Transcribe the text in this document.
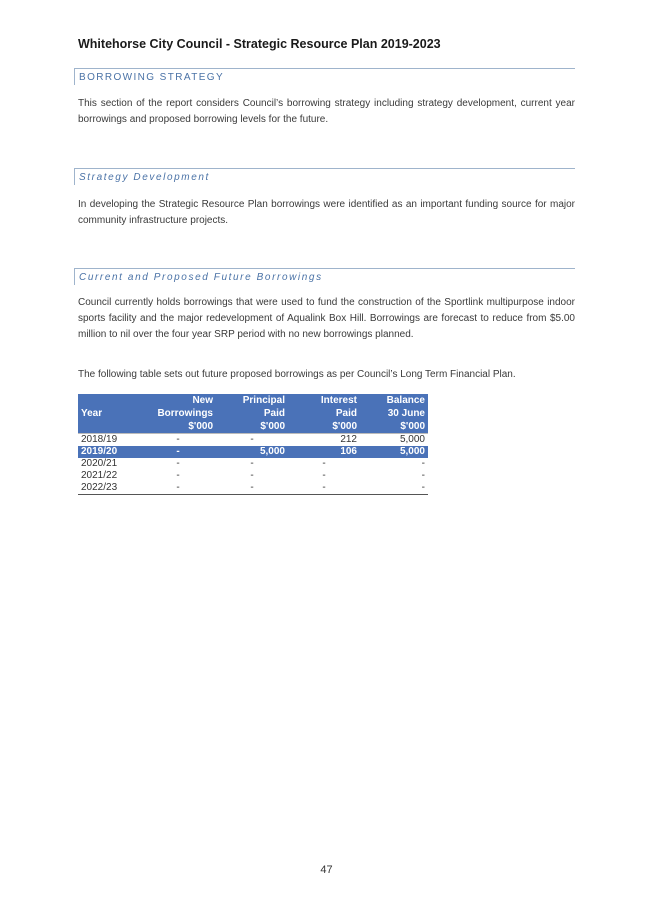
Whitehorse City Council - Strategic Resource Plan 2019-2023
BORROWING STRATEGY
This section of the report considers Council’s borrowing strategy including strategy development, current year borrowings and proposed borrowing levels for the future.
Strategy Development
In developing the Strategic Resource Plan borrowings were identified as an important funding source for major community infrastructure projects.
Current and Proposed Future Borrowings
Council currently holds borrowings that were used to fund the construction of the Sportlink multipurpose indoor sports facility and the major redevelopment of Aqualink Box Hill. Borrowings are forecast to reduce from $5.00 million to nil over the four year SRP period with no new borrowings planned.
The following table sets out future proposed borrowings as per Council’s Long Term Financial Plan.
	New	Principal	Interest	Balance
Year	Borrowings	Paid	Paid	30 June
	$'000	$'000	$'000	$'000
2018/19	-	-	212	5,000
2019/20	-	5,000	106	5,000
2020/21	-	-	-	-
2021/22	-	-	-	-
2022/23	-	-	-	-
47
